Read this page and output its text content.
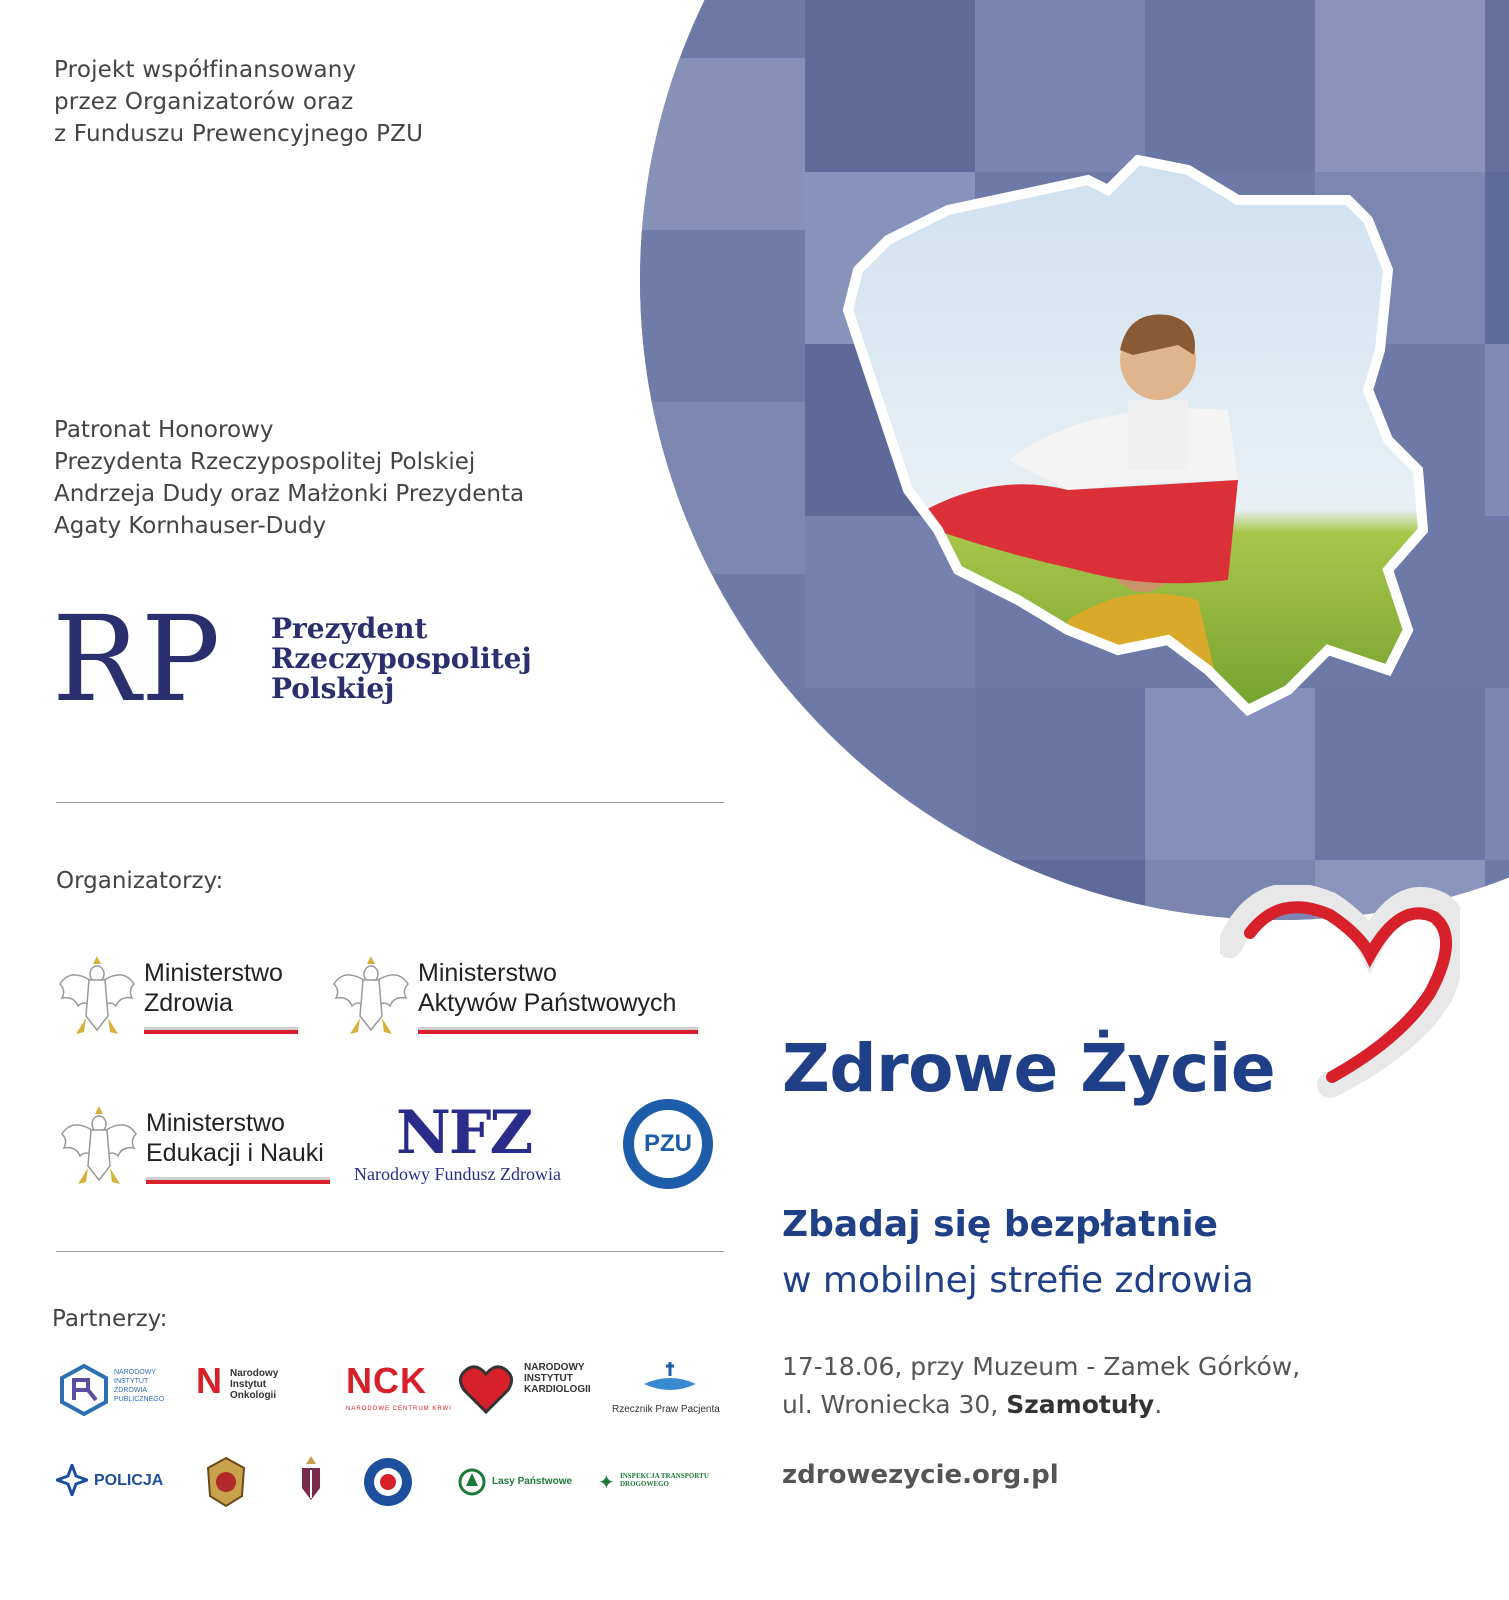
Projekt współfinansowany
przez Organizatorów oraz
z Funduszu Prewencyjnego PZU
Patronat Honorowy
Prezydenta Rzeczypospolitej Polskiej
Andrzeja Dudy oraz Małżonki Prezydenta
Agaty Kornhauser-Dudy
RP Prezydent
Rzeczypospolitej
Polskiej
Organizatorzy:
Ministerstwo
Zdrowia
Ministerstwo
Aktywów Państwowych
Ministerstwo
Edukacji i Nauki NFZ
Narodowy Fundusz Zdrowia
PZU
Partnerzy:
NARODOWY INSTYTUT ZDROWIA PUBLICZNEGO N Narodowy Instytut Onkologii	NCK
NARODOWE CENTRUM KRWI
NARODOWY INSTYTUT KARDIOLOGII
Rzecznik Praw Pacjenta
POLICJA	Lasy Państwowe ✦ INSPEKCJA TRANSPORTU DROGOWEGO
Zdrowe Życie
Zbadaj się bezpłatnie
w mobilnej strefie zdrowia
17-18.06, przy Muzeum - Zamek Górków,
ul. Wroniecka 30, Szamotuły.
zdrowezycie.org.pl
